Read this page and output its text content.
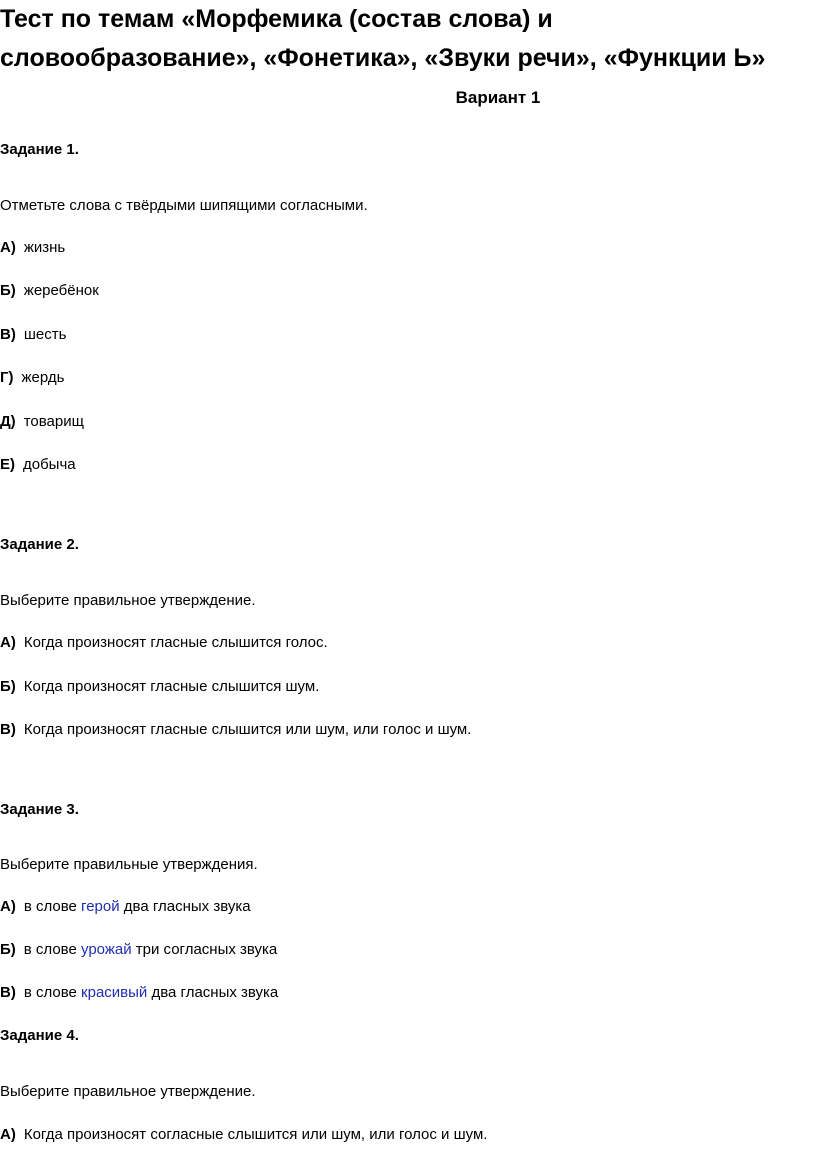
Тест по темам «Морфемика (состав слова) и
словообразование», «Фонетика», «Звуки речи», «Функции Ь»
Вариант 1
Задание 1.
Отметьте слова с твёрдыми шипящими согласными.
А) жизнь
Б) жеребёнок
В) шесть
Г) жердь
Д) товарищ
Е) добыча
Задание 2.
Выберите правильное утверждение.
А) Когда произносят гласные слышится голос.
Б) Когда произносят гласные слышится шум.
В) Когда произносят гласные слышится или шум, или голос и шум.
Задание 3.
Выберите правильные утверждения.
А) в слове герой два гласных звука
Б) в слове урожай три согласных звука
В) в слове красивый два гласных звука
Задание 4.
Выберите правильное утверждение.
А) Когда произносят согласные слышится или шум, или голос и шум.
